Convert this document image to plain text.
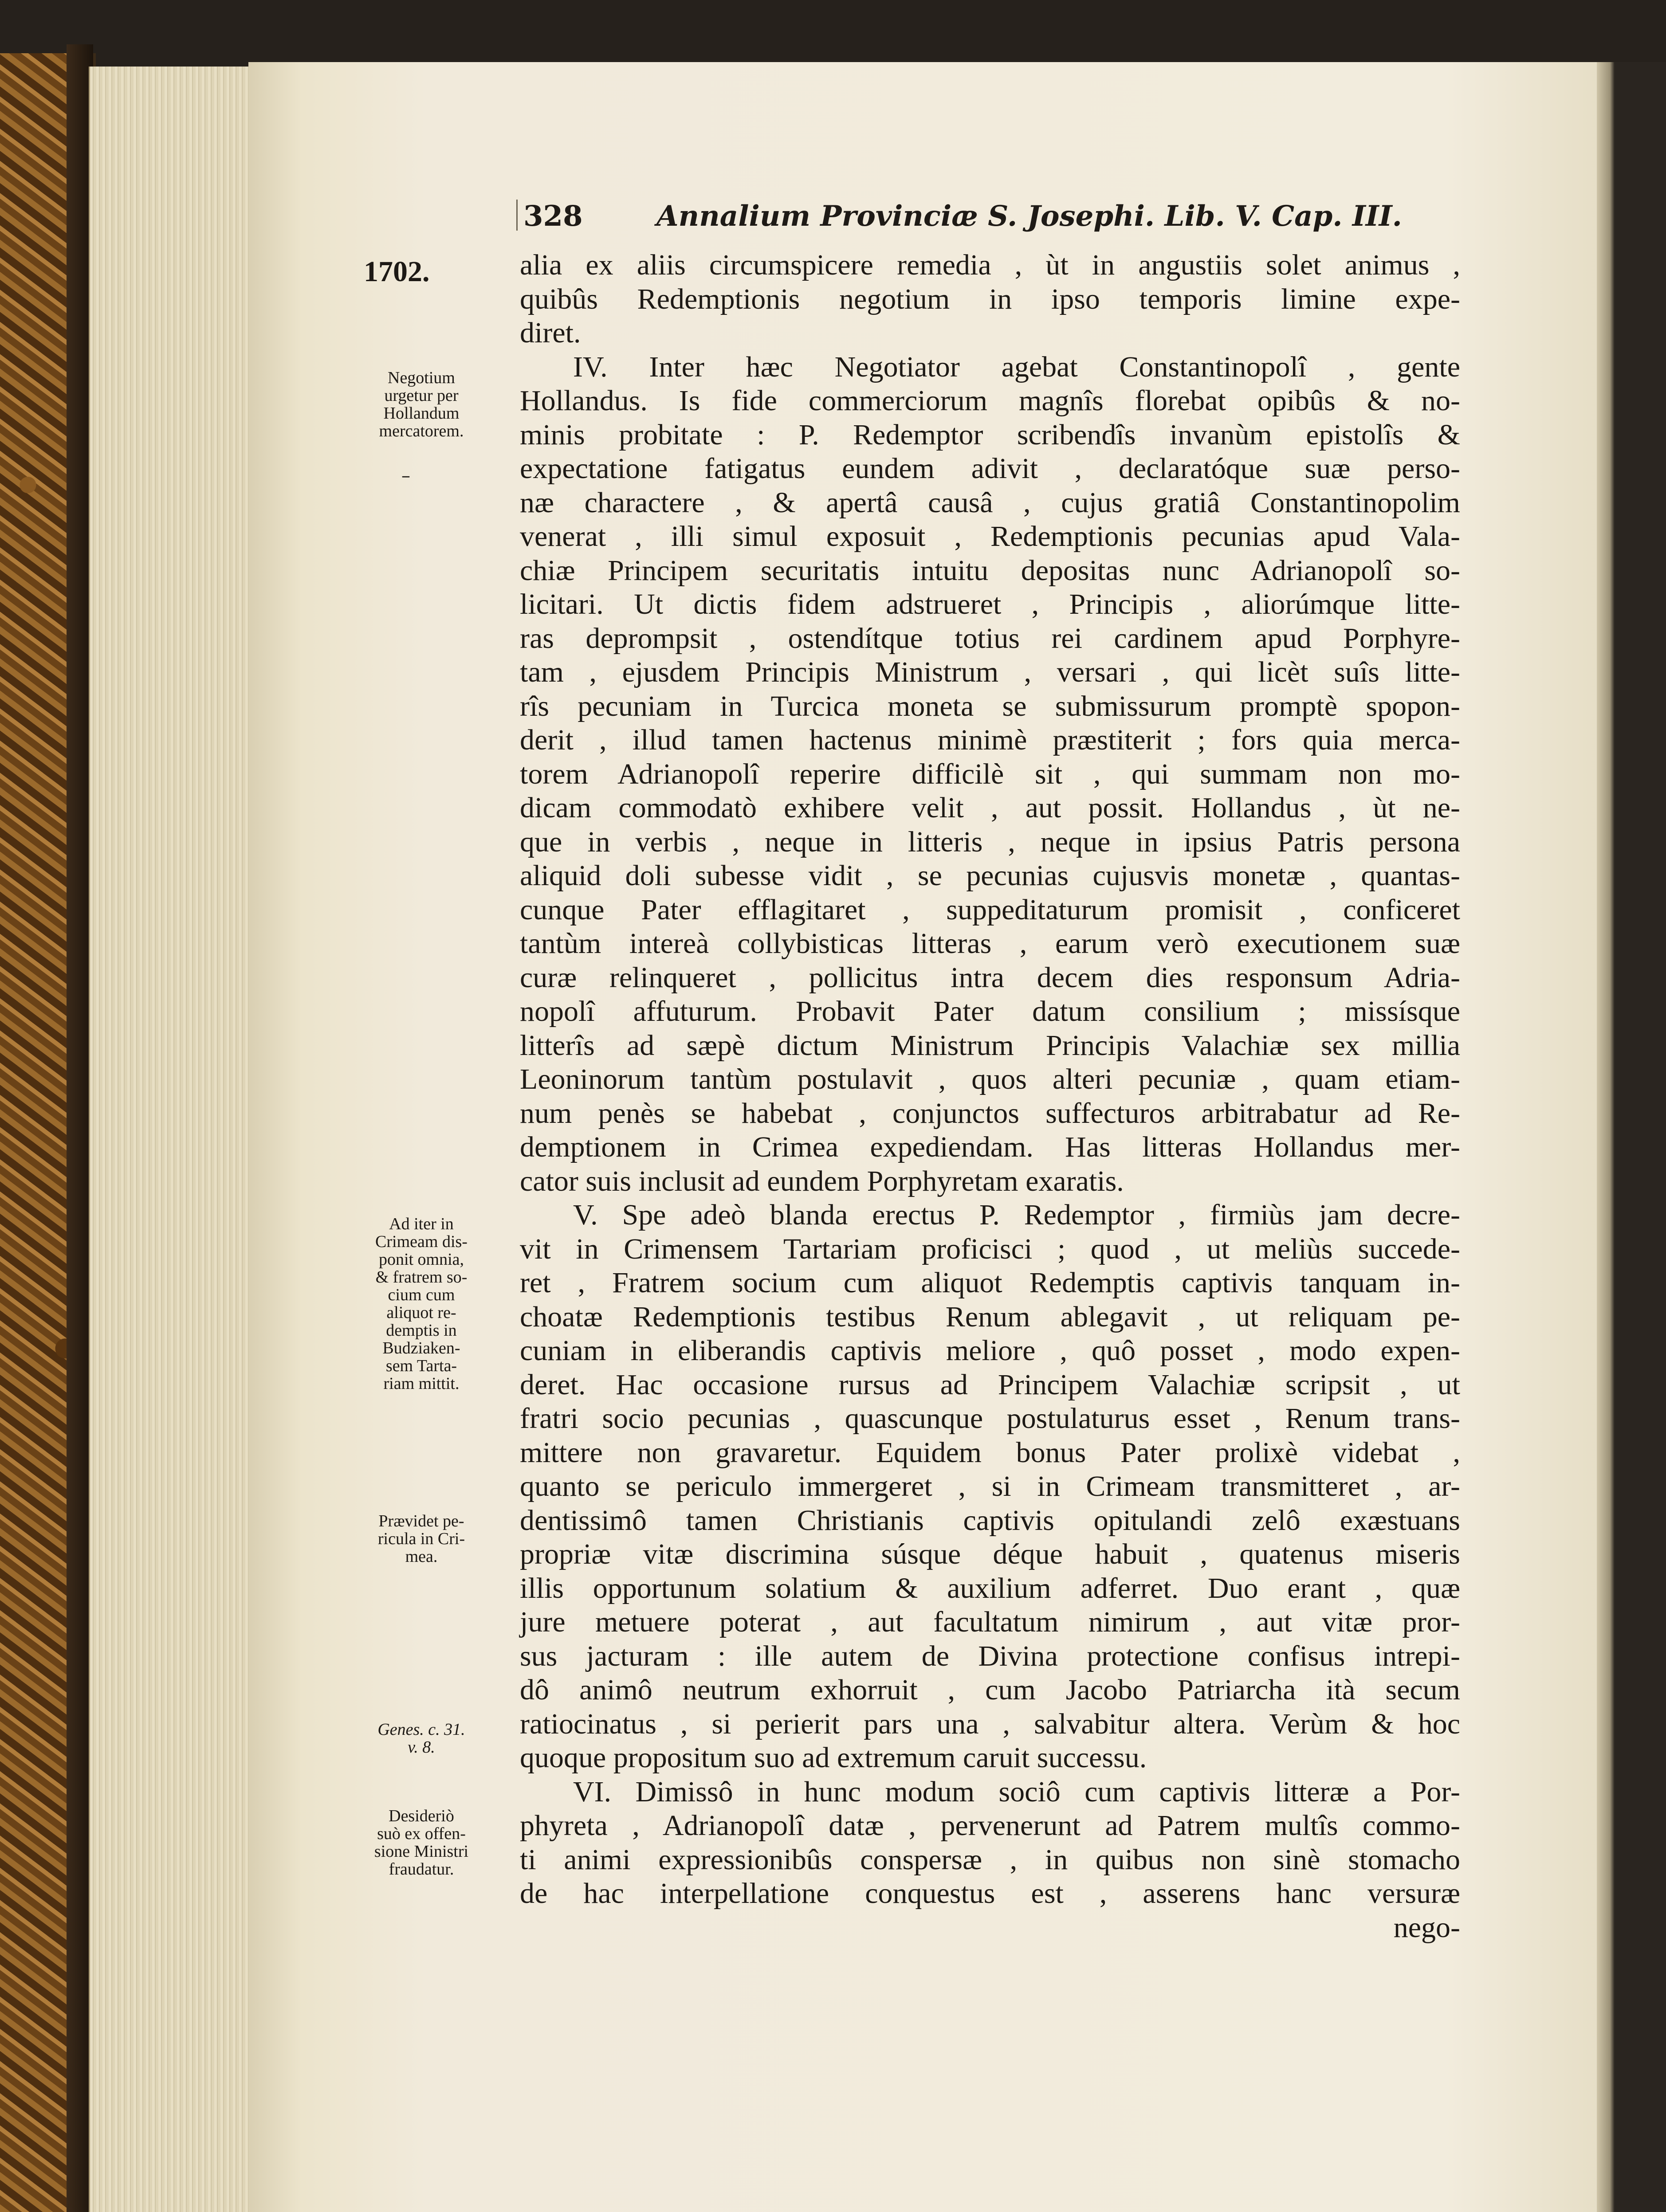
328	Annalium Provinciæ S. Josephi. Lib. V. Cap. III.
1702.
Negotium
urgetur per
Hollandum
mercatorem.
–
Ad iter in
Crimeam dis-
ponit omnia,
& fratrem so-
cium cum
aliquot re-
demptis in
Budziaken-
sem Tarta-
riam mittit.
Prævidet pe-
ricula in Cri-
mea.
Genes. c. 31.
v. 8.
Desideriò
suò ex offen-
sione Ministri
fraudatur.
alia ex aliis circumspicere remedia , ùt in angustiis solet animus ,
quibûs Redemptionis negotium in ipso temporis limine expe-
diret.
IV. Inter hæc Negotiator agebat Constantinopolî , gente
Hollandus. Is fide commerciorum magnîs florebat opibûs & no-
minis probitate : P. Redemptor scribendîs invanùm epistolîs &
expectatione fatigatus eundem adivit , declaratóque suæ perso-
næ charactere , & apertâ causâ , cujus gratiâ Constantinopolim
venerat , illi simul exposuit , Redemptionis pecunias apud Vala-
chiæ Principem securitatis intuitu depositas nunc Adrianopolî so-
licitari. Ut dictis fidem adstrueret , Principis , aliorúmque litte-
ras deprompsit , ostendítque totius rei cardinem apud Porphyre-
tam , ejusdem Principis Ministrum , versari , qui licèt suîs litte-
rîs pecuniam in Turcica moneta se submissurum promptè spopon-
derit , illud tamen hactenus minimè præstiterit ; fors quia merca-
torem Adrianopolî reperire difficilè sit , qui summam non mo-
dicam commodatò exhibere velit , aut possit. Hollandus , ùt ne-
que in verbis , neque in litteris , neque in ipsius Patris persona
aliquid doli subesse vidit , se pecunias cujusvis monetæ , quantas-
cunque Pater efflagitaret , suppeditaturum promisit , conficeret
tantùm intereà collybisticas litteras , earum verò executionem suæ
curæ relinqueret , pollicitus intra decem dies responsum Adria-
nopolî affuturum. Probavit Pater datum consilium ; missísque
litterîs ad sæpè dictum Ministrum Principis Valachiæ sex millia
Leoninorum tantùm postulavit , quos alteri pecuniæ , quam etiam-
num penès se habebat , conjunctos suffecturos arbitrabatur ad Re-
demptionem in Crimea expediendam. Has litteras Hollandus mer-
cator suis inclusit ad eundem Porphyretam exaratis.
V. Spe adeò blanda erectus P. Redemptor , firmiùs jam decre-
vit in Crimensem Tartariam proficisci ; quod , ut meliùs succede-
ret , Fratrem socium cum aliquot Redemptis captivis tanquam in-
choatæ Redemptionis testibus Renum ablegavit , ut reliquam pe-
cuniam in eliberandis captivis meliore , quô posset , modo expen-
deret. Hac occasione rursus ad Principem Valachiæ scripsit , ut
fratri socio pecunias , quascunque postulaturus esset , Renum trans-
mittere non gravaretur. Equidem bonus Pater prolixè videbat ,
quanto se periculo immergeret , si in Crimeam transmitteret , ar-
dentissimô tamen Christianis captivis opitulandi zelô exæstuans
propriæ vitæ discrimina súsque déque habuit , quatenus miseris
illis opportunum solatium & auxilium adferret. Duo erant , quæ
jure metuere poterat , aut facultatum nimirum , aut vitæ pror-
sus jacturam : ille autem de Divina protectione confisus intrepi-
dô animô neutrum exhorruit , cum Jacobo Patriarcha ità secum
ratiocinatus , si perierit pars una , salvabitur altera. Verùm & hoc
quoque propositum suo ad extremum caruit successu.
VI. Dimissô in hunc modum sociô cum captivis litteræ a Por-
phyreta , Adrianopolî datæ , pervenerunt ad Patrem multîs commo-
ti animi expressionibûs conspersæ , in quibus non sinè stomacho
de hac interpellatione conquestus est , asserens hanc versuræ
nego-
